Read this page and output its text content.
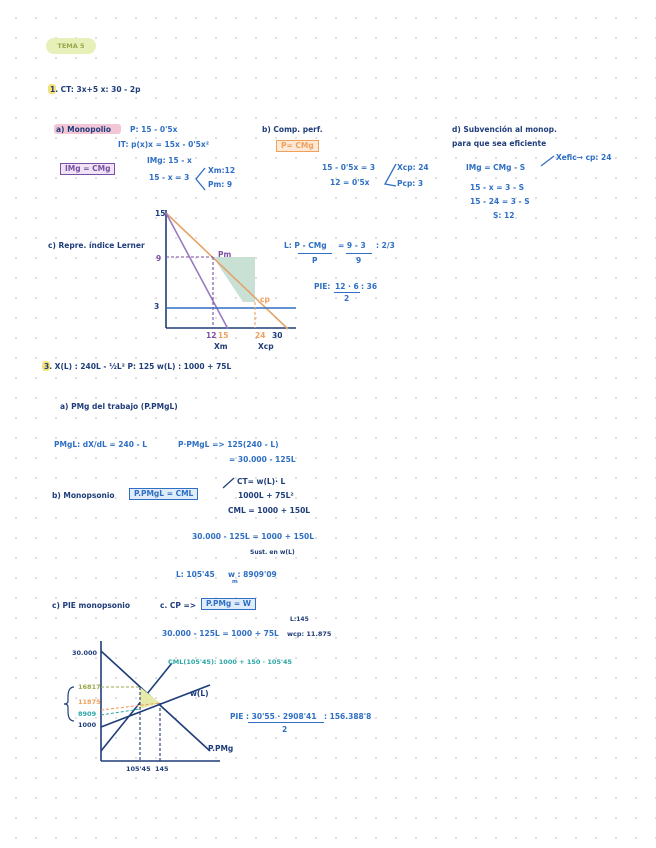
TEMA 5
1. CT: 3x+5 x: 30 - 2p
a) Monopolio	P: 15 - 0'5x
IT: p(x)x = 15x - 0'5x²
IMg: 15 - x
15 - x = 3
Xm:12
Pm: 9
IMg = CMg
b) Comp. perf.
P= CMg
15 - 0'5x = 3
12 = 0'5x
Xcp: 24
Pcp: 3
d) Subvención al monop.
para que sea eficiente
IMg = CMg - S
Xefic→ cp: 24
15 - x = 3 - S
15 - 24 = 3 - S
S: 12
c) Repre. índice Lerner	L: P - CMg
P
= 9 - 3
9
: 2/3
PIE: 12 · 6
2
: 36
15
9
3
Pm
cp
12 15	24 30
Xm	Xcp
3. X(L) : 240L - ½L² P: 125 w(L) : 1000 + 75L
a) PMg del trabajo (P.PMgL)
PMgL: dX/dL = 240 - L	P·PMgL => 125(240 - L)
= 30.000 - 125L
CT= w(L)· L
1000L + 75L²
CML = 1000 + 150L
b) Monopsonio	P.PMgL = CML
30.000 - 125L = 1000 + 150L
Sust. en w(L)
L: 105'45 w : 8909'09
m
c) PIE monopsonio	c. CP =>	P.PMg = W
30.000 - 125L = 1000 + 75L
L:145
wcp: 11.875
PIE : 30'55 · 2908'41 : 156.388'8
2
30.000
16817
11875
8909
1000
CML(105'45): 1000 + 150 · 105'45
w(L)
P.PMg
105'45 145
